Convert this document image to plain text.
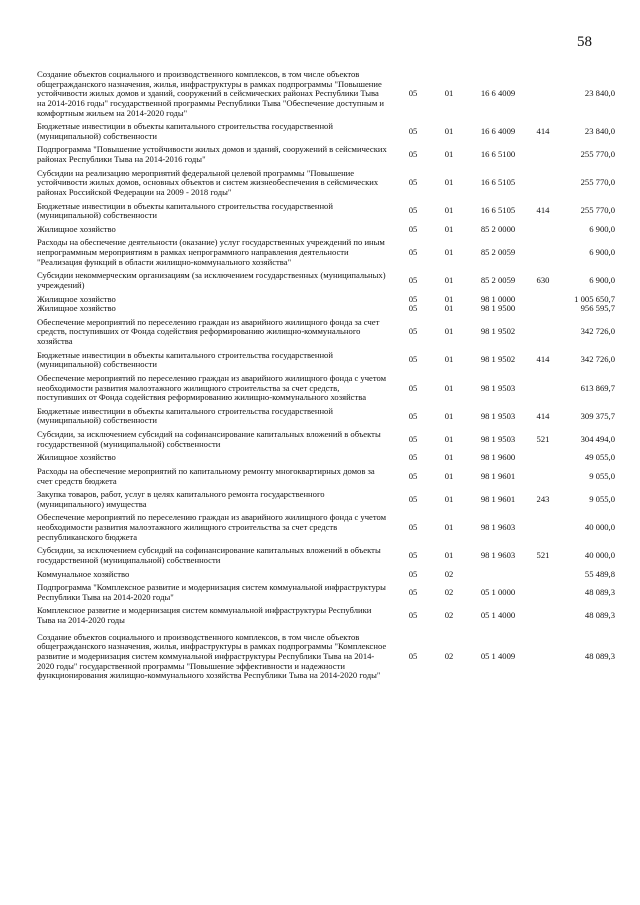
58
Создание объектов социального и производственного комплексов, в том числе объектов общегражданского назначения, жилья, инфраструктуры в рамках подпрограммы "Повышение устойчивости жилых домов и зданий, сооружений в сейсмических районах Республики Тыва на 2014-2016 годы" государственной программы Республики Тыва "Обеспечение доступным и комфортным жильем на 2014-2020 годы"	05	01	16 6 4009		23 840,0
Бюджетные инвестиции в объекты капитального строительства государственной (муниципальной) собственности	05	01	16 6 4009	414	23 840,0
Подпрограмма "Повышение устойчивости жилых домов и зданий, сооружений в сейсмических районах Республики Тыва на 2014-2016 годы"	05	01	16 6 5100		255 770,0
Субсидии на реализацию мероприятий федеральной целевой программы "Повышение устойчивости жилых домов, основных объектов и систем жизнеобеспечения в сейсмических районах Российской Федерации на 2009 - 2018 годы"	05	01	16 6 5105		255 770,0
Бюджетные инвестиции в объекты капитального строительства государственной (муниципальной) собственности	05	01	16 6 5105	414	255 770,0
Жилищное хозяйство	05	01	85 2 0000		6 900,0
Расходы на обеспечение деятельности (оказание) услуг государственных учреждений по иным непрограммным мероприятиям в рамках непрограммного направления деятельности "Реализация функций в области жилищно-коммунального хозяйства"	05	01	85 2 0059		6 900,0
Субсидии некоммерческим организациям (за исключением государственных (муниципальных) учреждений)	05	01	85 2 0059	630	6 900,0
Жилищное хозяйство	05	01	98 1 0000		1 005 650,7
Жилищное хозяйство	05	01	98 1 9500		956 595,7
Обеспечение мероприятий по переселению граждан из аварийного жилищного фонда за счет средств, поступивших от Фонда содействия реформированию жилищно-коммунального хозяйства	05	01	98 1 9502		342 726,0
Бюджетные инвестиции в объекты капитального строительства государственной (муниципальной) собственности	05	01	98 1 9502	414	342 726,0
Обеспечение мероприятий по переселению граждан из аварийного жилищного фонда с учетом необходимости развития малоэтажного жилищного строительства за счет средств, поступивших от Фонда содействия реформированию жилищно-коммунального хозяйства	05	01	98 1 9503		613 869,7
Бюджетные инвестиции в объекты капитального строительства государственной (муниципальной) собственности	05	01	98 1 9503	414	309 375,7
Субсидии, за исключением субсидий на софинансирование капитальных вложений в объекты государственной (муниципальной) собственности	05	01	98 1 9503	521	304 494,0
Жилищное хозяйство	05	01	98 1 9600		49 055,0
Расходы на обеспечение мероприятий по капитальному ремонту многоквартирных домов за счет средств бюджета	05	01	98 1 9601		9 055,0
Закупка товаров, работ, услуг в целях капитального ремонта государственного (муниципального) имущества	05	01	98 1 9601	243	9 055,0
Обеспечение мероприятий по переселению граждан из аварийного жилищного фонда с учетом необходимости развития малоэтажного жилищного строительства за счет средств республиканского бюджета	05	01	98 1 9603		40 000,0
Субсидии, за исключением субсидий на софинансирование капитальных вложений в объекты государственной (муниципальной) собственности	05	01	98 1 9603	521	40 000,0
Коммунальное хозяйство	05	02			55 489,8
Подпрограмма "Комплексное развитие и модернизация систем коммунальной инфраструктуры Республики Тыва на 2014-2020 годы"	05	02	05 1 0000		48 089,3
Комплексное развитие и модернизация систем коммунальной инфраструктуры Республики Тыва на 2014-2020 годы	05	02	05 1 4000		48 089,3
Создание объектов социального и производственного комплексов, в том числе объектов общегражданского назначения, жилья, инфраструктуры в рамках подпрограммы "Комплексное развитие и модернизация систем коммунальной инфраструктуры Республики Тыва на 2014-2020 годы" государственной программы "Повышение эффективности и надежности функционирования жилищно-коммунального хозяйства Республики Тыва на 2014-2020 годы"	05	02	05 1 4009		48 089,3
